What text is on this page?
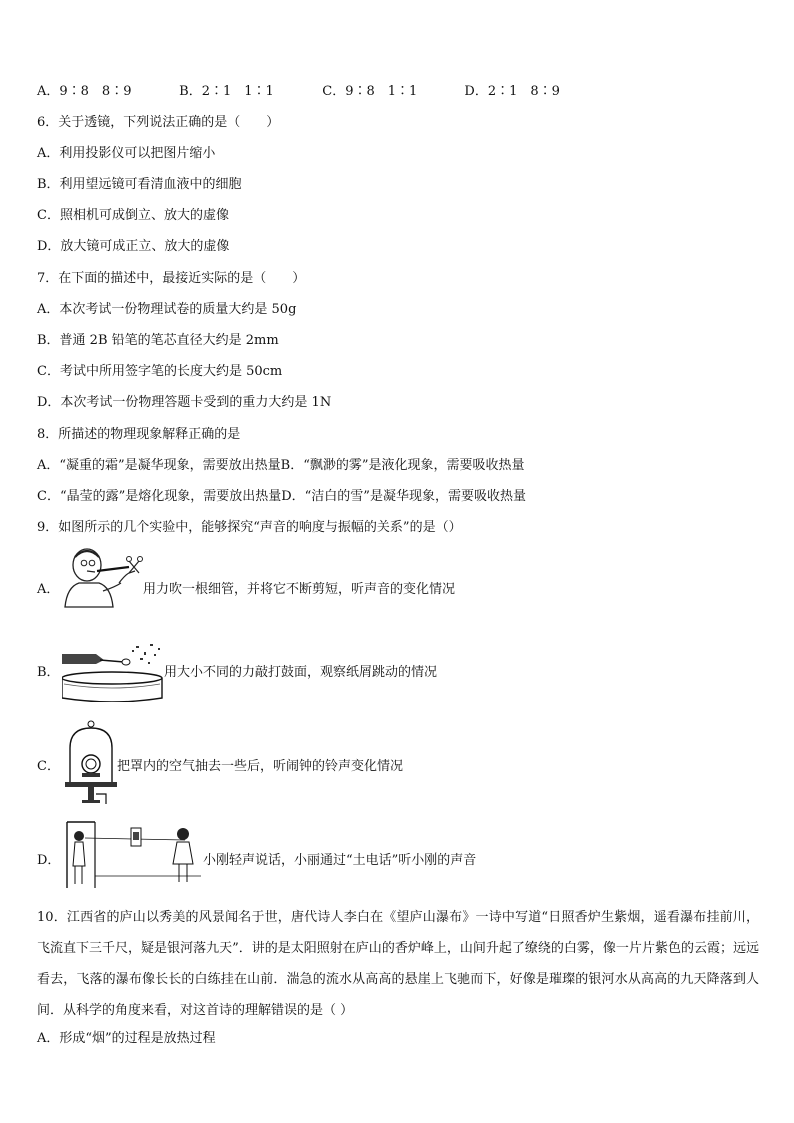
A．9∶8　8∶9	B．2∶1　1∶1	C．9∶8　1∶1	D．2∶1　8∶9
6．关于透镜，下列说法正确的是（　　）
A．利用投影仪可以把图片缩小
B．利用望远镜可看清血液中的细胞
C．照相机可成倒立、放大的虚像
D．放大镜可成正立、放大的虚像
7．在下面的描述中，最接近实际的是（　　）
A．本次考试一份物理试卷的质量大约是 50g
B．普通 2B 铅笔的笔芯直径大约是 2mm
C．考试中所用签字笔的长度大约是 50cm
D．本次考试一份物理答题卡受到的重力大约是 1N
8．所描述的物理现象解释正确的是
A．“凝重的霜”是凝华现象，需要放出热量B．“飘渺的雾”是液化现象，需要吸收热量
C．“晶莹的露”是熔化现象，需要放出热量D．“洁白的雪”是凝华现象，需要吸收热量
9．如图所示的几个实验中，能够探究“声音的响度与振幅的关系”的是（）
A．	用力吹一根细管，并将它不断剪短，听声音的变化情况
B．	用大小不同的力敲打鼓面，观察纸屑跳动的情况
C．	把罩内的空气抽去一些后，听闹钟的铃声变化情况
D．	小刚轻声说话，小丽通过“土电话”听小刚的声音
10．江西省的庐山以秀美的风景闻名于世，唐代诗人李白在《望庐山瀑布》一诗中写道“日照香炉生紫烟，遥看瀑布挂前川，飞流直下三千尺，疑是银河落九天”．讲的是太阳照射在庐山的香炉峰上，山间升起了缭绕的白雾，像一片片紫色的云霞；远远看去，飞落的瀑布像长长的白练挂在山前．湍急的流水从高高的悬崖上飞驰而下，好像是璀璨的银河水从高高的九天降落到人间．从科学的角度来看，对这首诗的理解错误的是（ ）
A．形成“烟”的过程是放热过程
